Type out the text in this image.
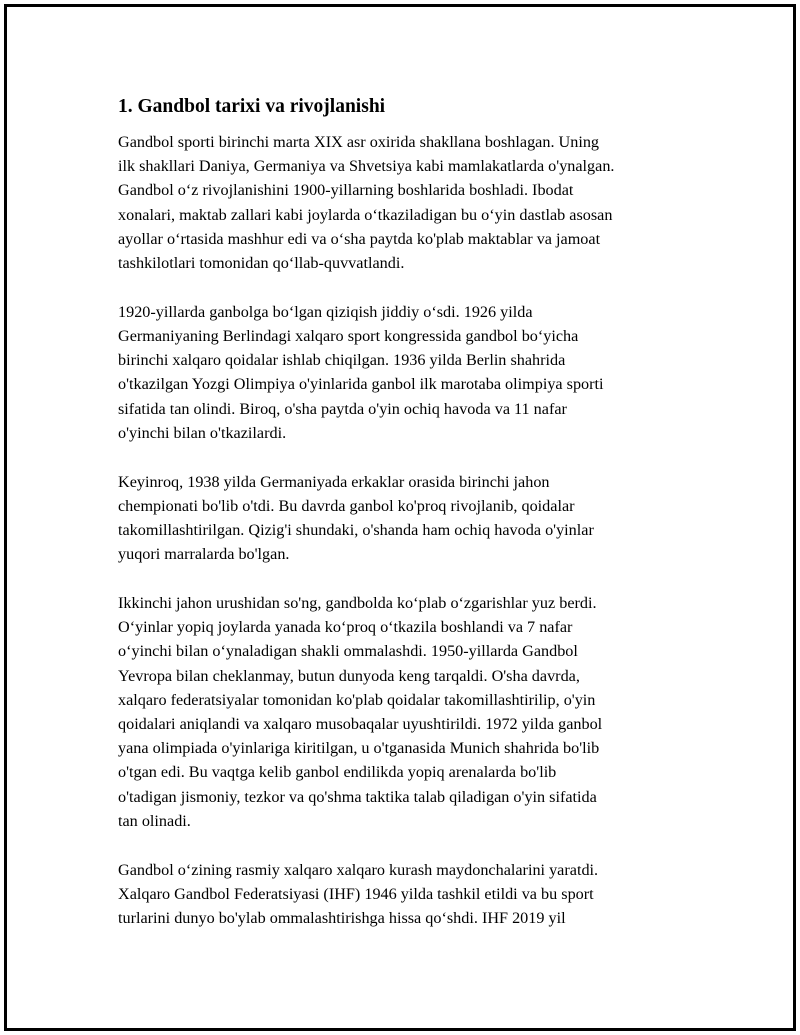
1. Gandbol tarixi va rivojlanishi

Gandbol sporti birinchi marta XIX asr oxirida shakllana boshlagan. Uning
ilk shakllari Daniya, Germaniya va Shvetsiya kabi mamlakatlarda o'ynalgan.
Gandbol o‘z rivojlanishini 1900-yillarning boshlarida boshladi. Ibodat
xonalari, maktab zallari kabi joylarda o‘tkaziladigan bu o‘yin dastlab asosan
ayollar o‘rtasida mashhur edi va o‘sha paytda ko'plab maktablar va jamoat
tashkilotlari tomonidan qo‘llab-quvvatlandi.

1920-yillarda ganbolga bo‘lgan qiziqish jiddiy o‘sdi. 1926 yilda
Germaniyaning Berlindagi xalqaro sport kongressida gandbol bo‘yicha
birinchi xalqaro qoidalar ishlab chiqilgan. 1936 yilda Berlin shahrida
o'tkazilgan Yozgi Olimpiya o'yinlarida ganbol ilk marotaba olimpiya sporti
sifatida tan olindi. Biroq, o'sha paytda o'yin ochiq havoda va 11 nafar
o'yinchi bilan o'tkazilardi.

Keyinroq, 1938 yilda Germaniyada erkaklar orasida birinchi jahon
chempionati bo'lib o'tdi. Bu davrda ganbol ko'proq rivojlanib, qoidalar
takomillashtirilgan. Qizig'i shundaki, o'shanda ham ochiq havoda o'yinlar
yuqori marralarda bo'lgan.

Ikkinchi jahon urushidan so'ng, gandbolda ko‘plab o‘zgarishlar yuz berdi.
O‘yinlar yopiq joylarda yanada ko‘proq o‘tkazila boshlandi va 7 nafar
o‘yinchi bilan o‘ynaladigan shakli ommalashdi. 1950-yillarda Gandbol
Yevropa bilan cheklanmay, butun dunyoda keng tarqaldi. O'sha davrda,
xalqaro federatsiyalar tomonidan ko'plab qoidalar takomillashtirilip, o'yin
qoidalari aniqlandi va xalqaro musobaqalar uyushtirildi. 1972 yilda ganbol
yana olimpiada o'yinlariga kiritilgan, u o'tganasida Munich shahrida bo'lib
o'tgan edi. Bu vaqtga kelib ganbol endilikda yopiq arenalarda bo'lib
o'tadigan jismoniy, tezkor va qo'shma taktika talab qiladigan o'yin sifatida
tan olinadi.

Gandbol o‘zining rasmiy xalqaro xalqaro kurash maydonchalarini yaratdi.
Xalqaro Gandbol Federatsiyasi (IHF) 1946 yilda tashkil etildi va bu sport
turlarini dunyo bo'ylab ommalashtirishga hissa qo‘shdi. IHF 2019 yil
